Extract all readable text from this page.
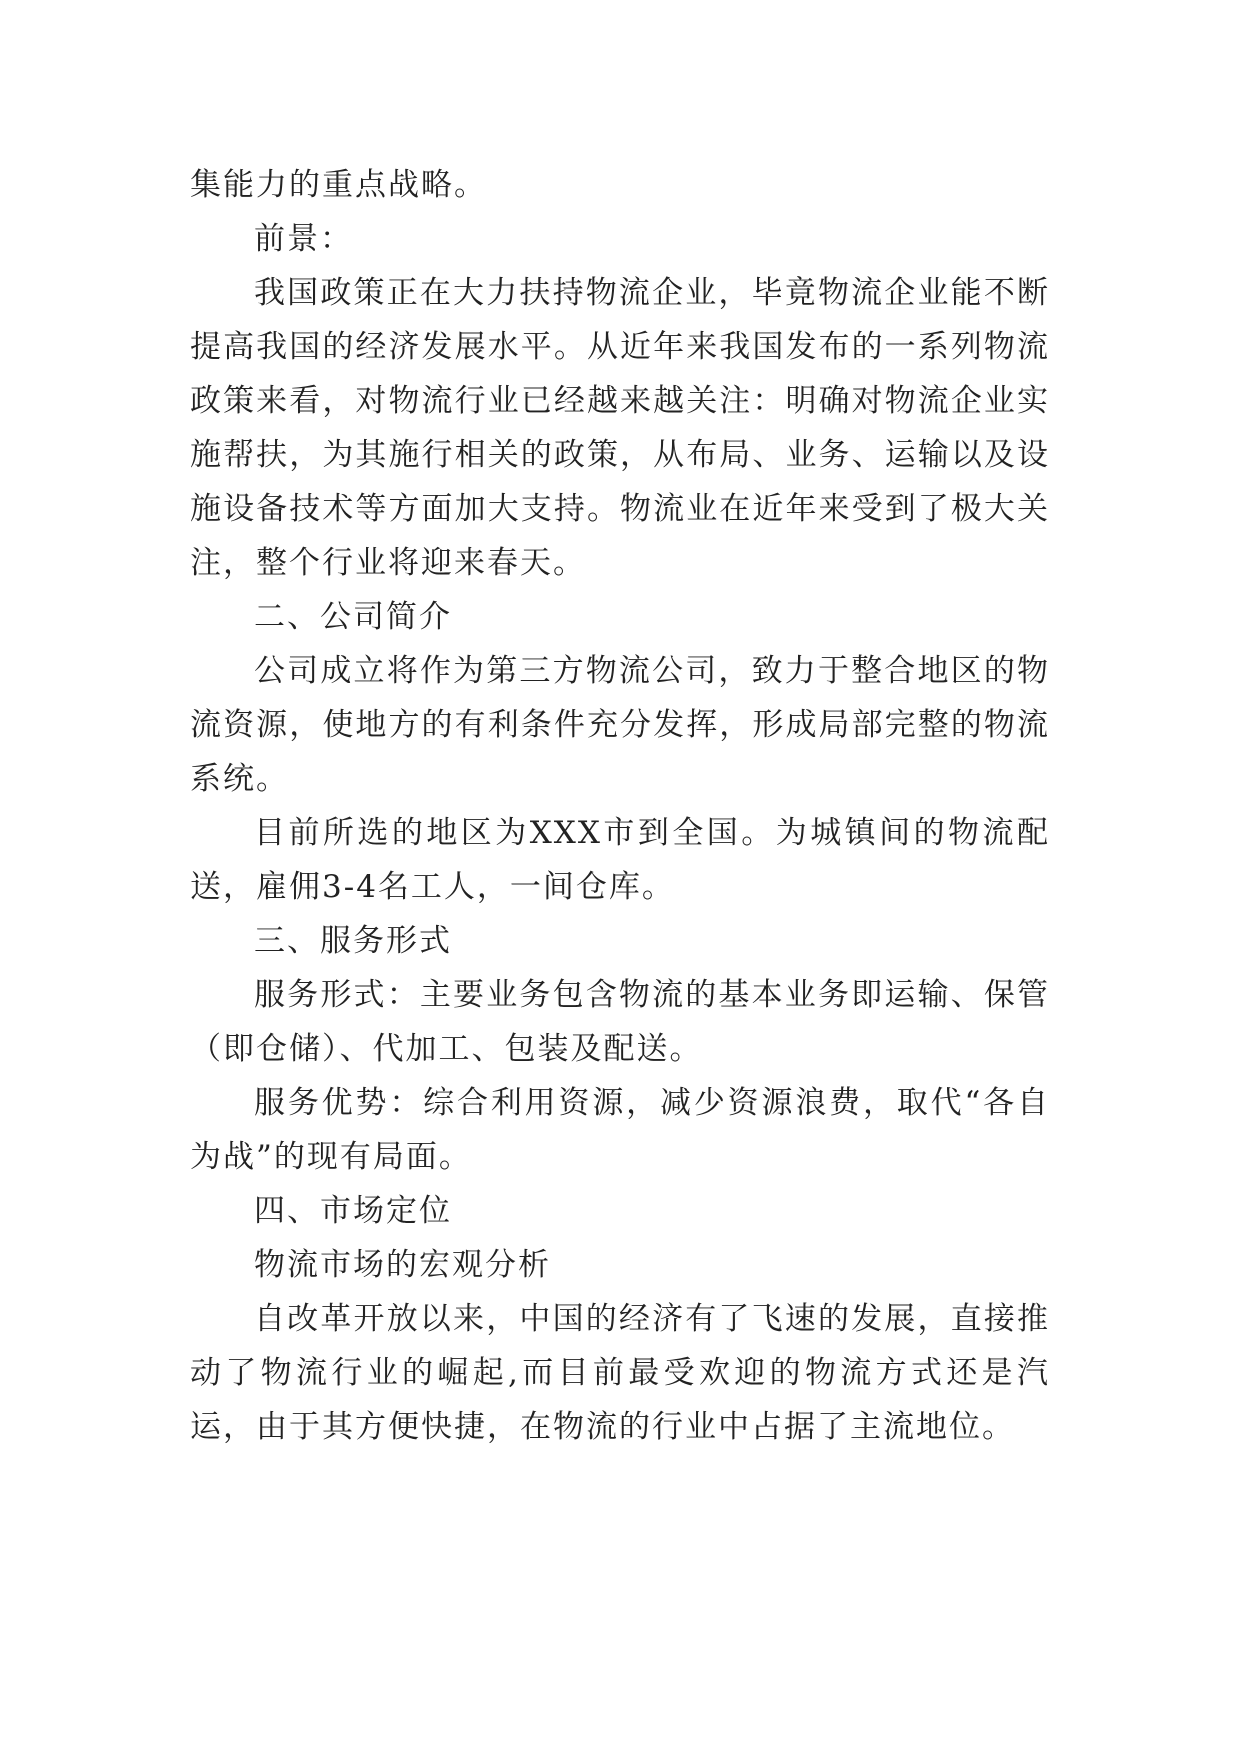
集能力的重点战略。

前景：

我国政策正在大力扶持物流企业，毕竟物流企业能不断提高我国的经济发展水平。从近年来我国发布的一系列物流政策来看，对物流行业已经越来越关注：明确对物流企业实施帮扶，为其施行相关的政策，从布局、业务、运输以及设施设备技术等方面加大支持。物流业在近年来受到了极大关注，整个行业将迎来春天。

二、公司简介

公司成立将作为第三方物流公司，致力于整合地区的物流资源，使地方的有利条件充分发挥，形成局部完整的物流系统。

目前所选的地区为XXX市到全国。为城镇间的物流配送，雇佣3-4名工人，一间仓库。

三、服务形式

服务形式：主要业务包含物流的基本业务即运输、保管（即仓储）、代加工、包装及配送。

服务优势：综合利用资源，减少资源浪费，取代“各自为战”的现有局面。

四、市场定位

物流市场的宏观分析

自改革开放以来，中国的经济有了飞速的发展，直接推动了物流行业的崛起,而目前最受欢迎的物流方式还是汽运，由于其方便快捷，在物流的行业中占据了主流地位。
